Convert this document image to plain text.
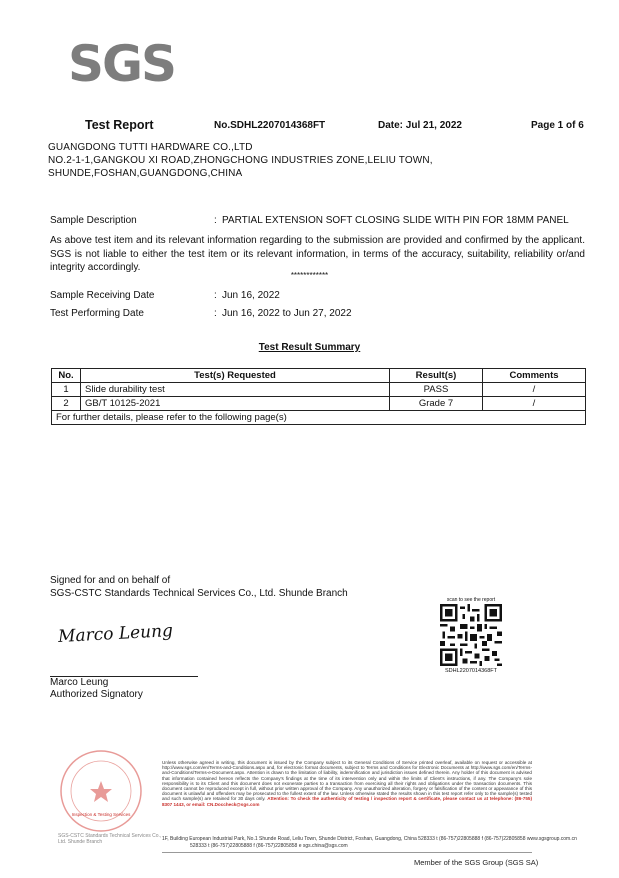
SGS
Test Report	No.SDHL2207014368FT	Date: Jul 21, 2022	Page 1 of 6
GUANGDONG TUTTI HARDWARE CO.,LTD
NO.2-1-1,GANGKOU XI ROAD,ZHONGCHONG INDUSTRIES ZONE,LELIU TOWN,
SHUNDE,FOSHAN,GUANGDONG,CHINA
Sample Description	: PARTIAL EXTENSION SOFT CLOSING SLIDE WITH PIN FOR 18MM PANEL
As above test item and its relevant information regarding to the submission are provided and confirmed by the applicant. SGS is not liable to either the test item or its relevant information, in terms of the accuracy, suitability, reliability or/and integrity accordingly.
************
Sample Receiving Date	: Jun 16, 2022
Test Performing Date	: Jun 16, 2022 to Jun 27, 2022
Test Result Summary
No.	Test(s) Requested	Result(s)	Comments
1	Slide durability test	PASS	/
2	GB/T 10125-2021	Grade 7	/
For further details, please refer to the following page(s)			
Signed for and on behalf of
SGS-CSTC Standards Technical Services Co., Ltd. Shunde Branch
Marco Leung
Marco Leung
Authorized Signatory
scan to see the report
SDHL2207014368FT
Inspection & Testing Services
SGS-CSTC Standards Technical Services Co., Ltd. Shunde Branch
Unless otherwise agreed in writing, this document is issued by the Company subject to its General Conditions of Service printed overleaf, available on request or accessible at http://www.sgs.com/en/Terms-and-Conditions.aspx and, for electronic format documents, subject to Terms and Conditions for Electronic Documents at http://www.sgs.com/en/Terms-and-Conditions/Terms-e-Document.aspx. Attention is drawn to the limitation of liability, indemnification and jurisdiction issues defined therein. Any holder of this document is advised that information contained hereon reflects the Company's findings at the time of its intervention only and within the limits of Client's instructions, if any. The Company's sole responsibility is to its Client and this document does not exonerate parties to a transaction from exercising all their rights and obligations under the transaction documents. This document cannot be reproduced except in full, without prior written approval of the Company. Any unauthorized alteration, forgery or falsification of the content or appearance of this document is unlawful and offenders may be prosecuted to the fullest extent of the law. Unless otherwise stated the results shown in this test report refer only to the sample(s) tested and such sample(s) are retained for 30 days only. Attention: To check the authenticity of testing / inspection report & certificate, please contact us at telephone: (86-755) 8307 1443, or email: CN.Doccheck@sgs.com
1F, Building European Industrial Park, No.1 Shunde Road, Leliu Town, Shunde District, Foshan, Guangdong, China 528333 t (86-757)22805888 f (86-757)22805858 www.sgsgroup.com.cn
528333 t (86-757)22805888 f (86-757)22805858 e sgs.china@sgs.com
Member of the SGS Group (SGS SA)
